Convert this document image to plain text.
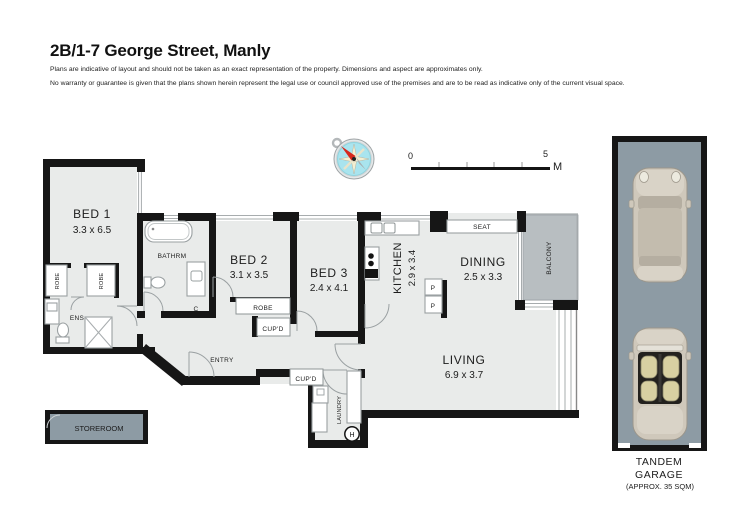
2B/1-7 George Street, Manly
Plans are indicative of layout and should not be taken as an exact representation of the property. Dimensions and aspect are approximates only.
No warranty or guarantee is given that the plans shown herein represent the legal use or council approved use of the premises and are to be read as indicative only of the current visual space.
0	5
M
BED 1
3.3 x 6.5
BED 2
3.1 x 3.5	BED 3
2.4 x 4.1	KITCHEN 2.9 x 3.4	DINING
2.5 x 3.3
LIVING
6.9 x 3.7
BATHRM
ENS
ENTRY
LAUNDRY
BALCONY
STOREROOM
ROBE	ROBE
ROBE
CUP'D
CUP'D
SEAT
C
H
P
P
TANDEM
GARAGE
(APPROX. 35 SQM)
